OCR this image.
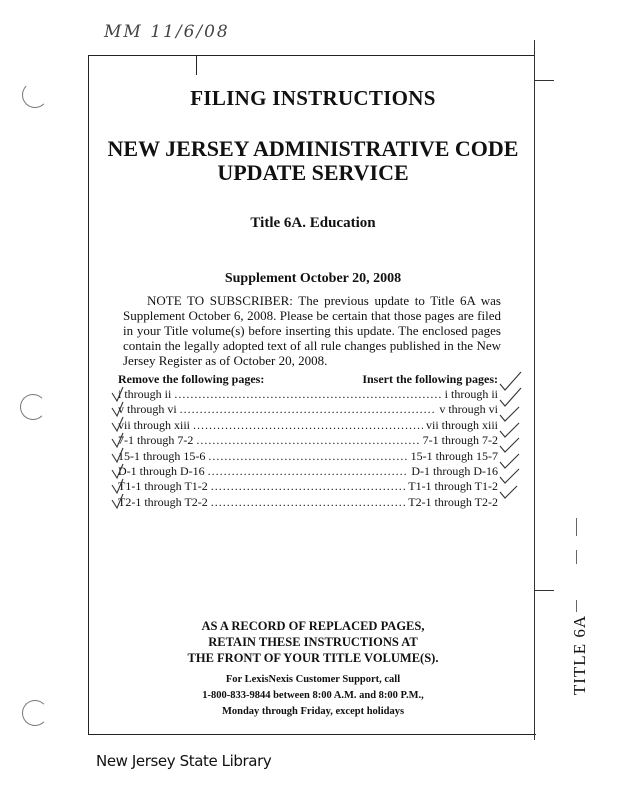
MM 11/6/08
FILING INSTRUCTIONS
NEW JERSEY ADMINISTRATIVE CODE
UPDATE SERVICE
Title 6A. Education
Supplement October 20, 2008
NOTE TO SUBSCRIBER: The previous update to Title 6A was Supplement October 6, 2008. Please be certain that those pages are filed in your Title volume(s) before inserting this update. The enclosed pages contain the legally adopted text of all rule changes published in the New Jersey Register as of October 20, 2008.
Remove the following pages:	Insert the following pages:
i through ii .....	i through ii
v through vi .....	v through vi
vii through xiii .....	vii through xiii
7-1 through 7-2 .....	7-1 through 7-2
15-1 through 15-6 .....	15-1 through 15-7
D-1 through D-16 .....	D-1 through D-16
T1-1 through T1-2 .....	T1-1 through T1-2
T2-1 through T2-2 .....	T2-1 through T2-2
AS A RECORD OF REPLACED PAGES,
RETAIN THESE INSTRUCTIONS AT
THE FRONT OF YOUR TITLE VOLUME(S).
For LexisNexis Customer Support, call
1-800-833-9844 between 8:00 A.M. and 8:00 P.M.,
Monday through Friday, except holidays
TITLE 6A
New Jersey State Library
